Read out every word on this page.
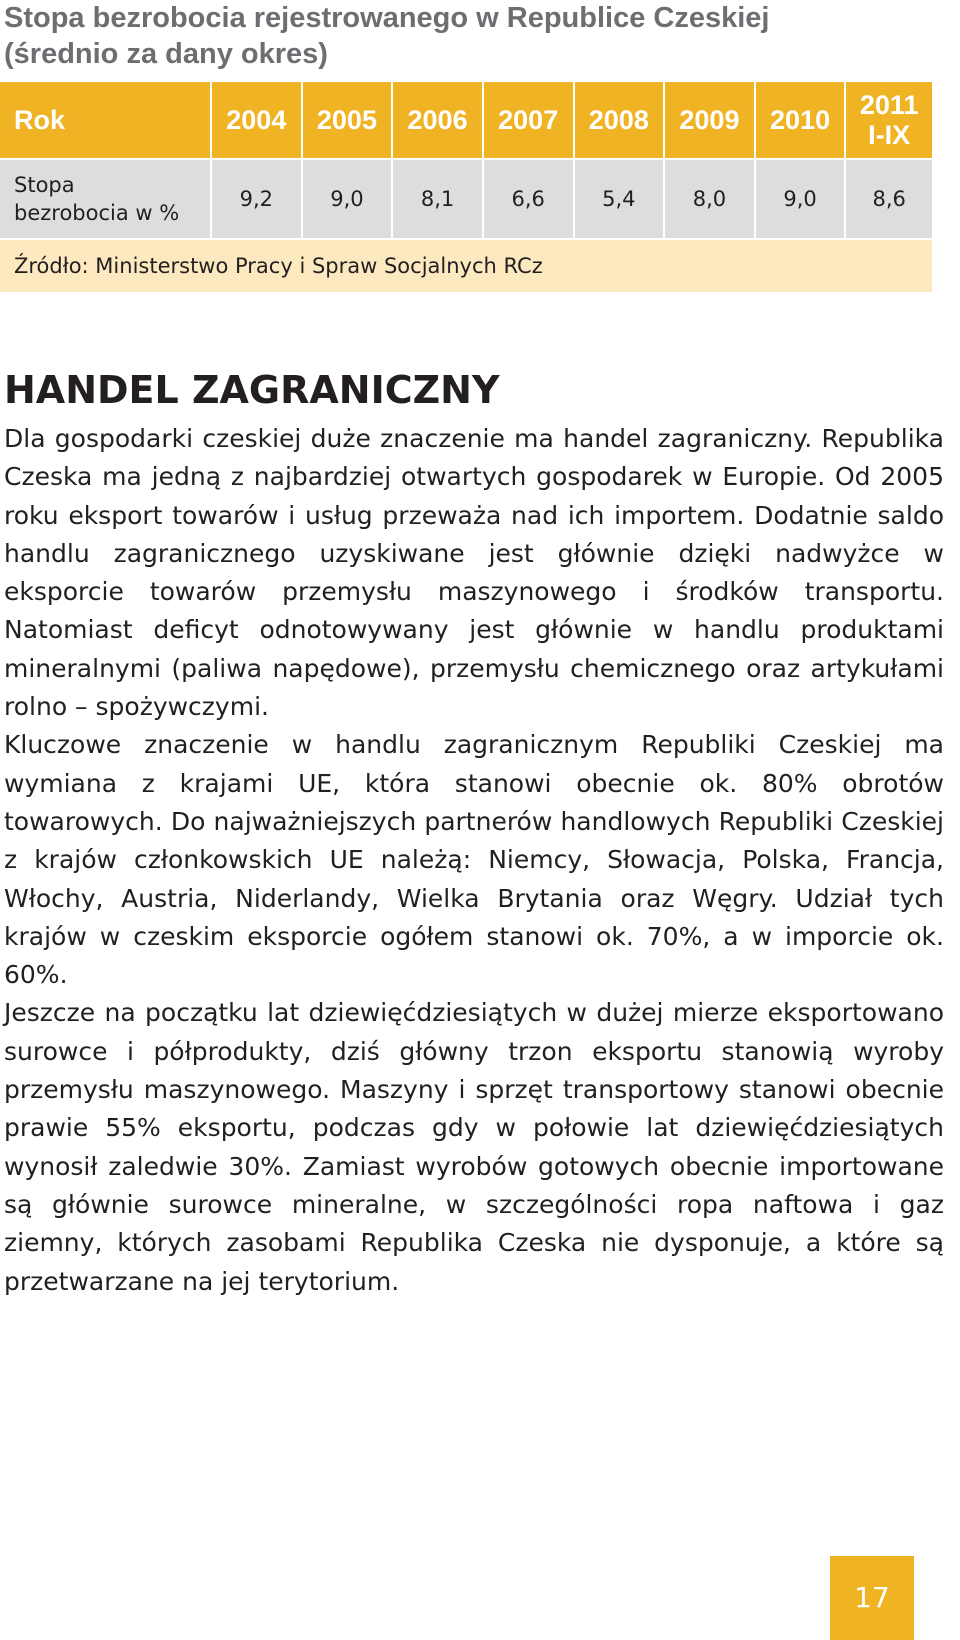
Stopa bezrobocia rejestrowanego w Republice Czeskiej
(średnio za dany okres)
Rok	2004	2005	2006	2007	2008	2009	2010	2011
I-IX

Stopa
bezrobocia w %	9,2	9,0	8,1	6,6	5,4	8,0	9,0	8,6
Źródło: Ministerstwo Pracy i Spraw Socjalnych RCz
HANDEL ZAGRANICZNY

Dla gospodarki czeskiej duże znaczenie ma handel zagraniczny. Republika Czeska ma jedną z najbardziej otwartych gospodarek w Europie. Od 2005 roku eksport towarów i usług przeważa nad ich importem. Dodatnie saldo handlu zagranicznego uzyskiwane jest głównie dzięki nadwyżce w eksporcie towarów przemysłu maszynowego i środków transportu. Natomiast deficyt odnotowywany jest głównie w handlu produktami mineralnymi (paliwa napędowe), przemysłu chemicznego oraz artykułami rolno – spożywczymi.

Kluczowe znaczenie w handlu zagranicznym Republiki Czeskiej ma wymiana z krajami UE, która stanowi obecnie ok. 80% obrotów towarowych. Do najważniejszych partnerów handlowych Republiki Czeskiej z krajów członkowskich UE należą: Niemcy, Słowacja, Polska, Francja, Włochy, Austria, Niderlandy, Wielka Brytania oraz Węgry. Udział tych krajów w czeskim eksporcie ogółem stanowi ok. 70%, a w imporcie ok. 60%.

Jeszcze na początku lat dziewięćdziesiątych w dużej mierze eksportowano surowce i półprodukty, dziś główny trzon eksportu stanowią wyroby przemysłu maszynowego. Maszyny i sprzęt transportowy stanowi obecnie prawie 55% eksportu, podczas gdy w połowie lat dziewięćdziesiątych wynosił zaledwie 30%. Zamiast wyrobów gotowych obecnie importowane są głównie surowce mineralne, w szczególności ropa naftowa i gaz ziemny, których zasobami Republika Czeska nie dysponuje, a które są przetwarzane na jej terytorium.

17
